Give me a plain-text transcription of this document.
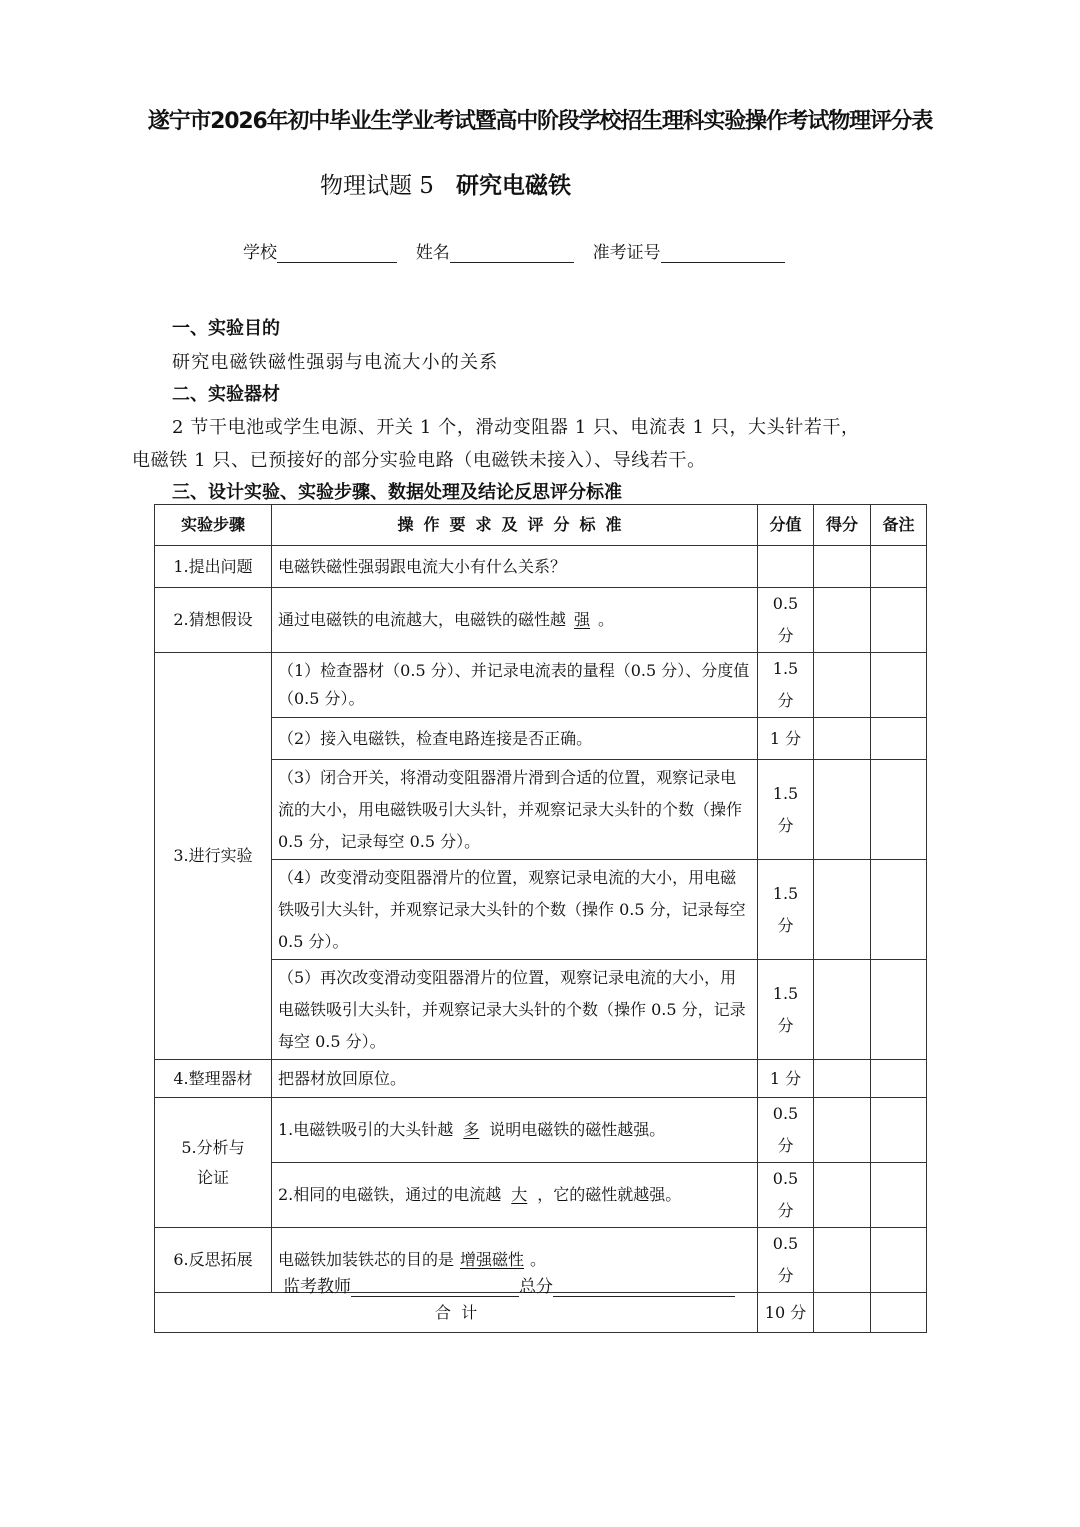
遂宁市2026年初中毕业生学业考试暨高中阶段学校招生理科实验操作考试物理评分表
物理试题 5 研究电磁铁
学校	姓名	准考证号
一、实验目的
研究电磁铁磁性强弱与电流大小的关系
二、实验器材
2 节干电池或学生电源、开关 1 个，滑动变阻器 1 只、电流表 1 只，大头针若干，
电磁铁 1 只、已预接好的部分实验电路（电磁铁未接入）、导线若干。
三、设计实验、实验步骤、数据处理及结论反思评分标准
实验步骤	操作要求及评分标准	分值	得分	备注
1.提出问题	电磁铁磁性强弱跟电流大小有什么关系？			
2.猜想假设	通过电磁铁的电流越大，电磁铁的磁性越 强 。	0.5 分		
3.进行实验	（1）检查器材（0.5 分）、并记录电流表的量程（0.5 分）、分度值（0.5 分）。	1.5 分		
	（2）接入电磁铁，检查电路连接是否正确。	1 分		
	（3）闭合开关，将滑动变阻器滑片滑到合适的位置，观察记录电流的大小，用电磁铁吸引大头针，并观察记录大头针的个数（操作 0.5 分，记录每空 0.5 分）。	1.5 分		
	（4）改变滑动变阻器滑片的位置，观察记录电流的大小，用电磁铁吸引大头针，并观察记录大头针的个数（操作 0.5 分，记录每空 0.5 分）。	1.5 分		
	（5）再次改变滑动变阻器滑片的位置，观察记录电流的大小，用电磁铁吸引大头针，并观察记录大头针的个数（操作 0.5 分，记录每空 0.5 分）。	1.5 分		
4.整理器材	把器材放回原位。	1 分		
5.分析与论证	1.电磁铁吸引的大头针越 多 说明电磁铁的磁性越强。	0.5 分		
	2.相同的电磁铁，通过的电流越 大 ，它的磁性就越强。	0.5 分		
6.反思拓展	电磁铁加装铁芯的目的是 增强磁性 。	0.5 分		
合  计		10 分		
监考教师	总分
